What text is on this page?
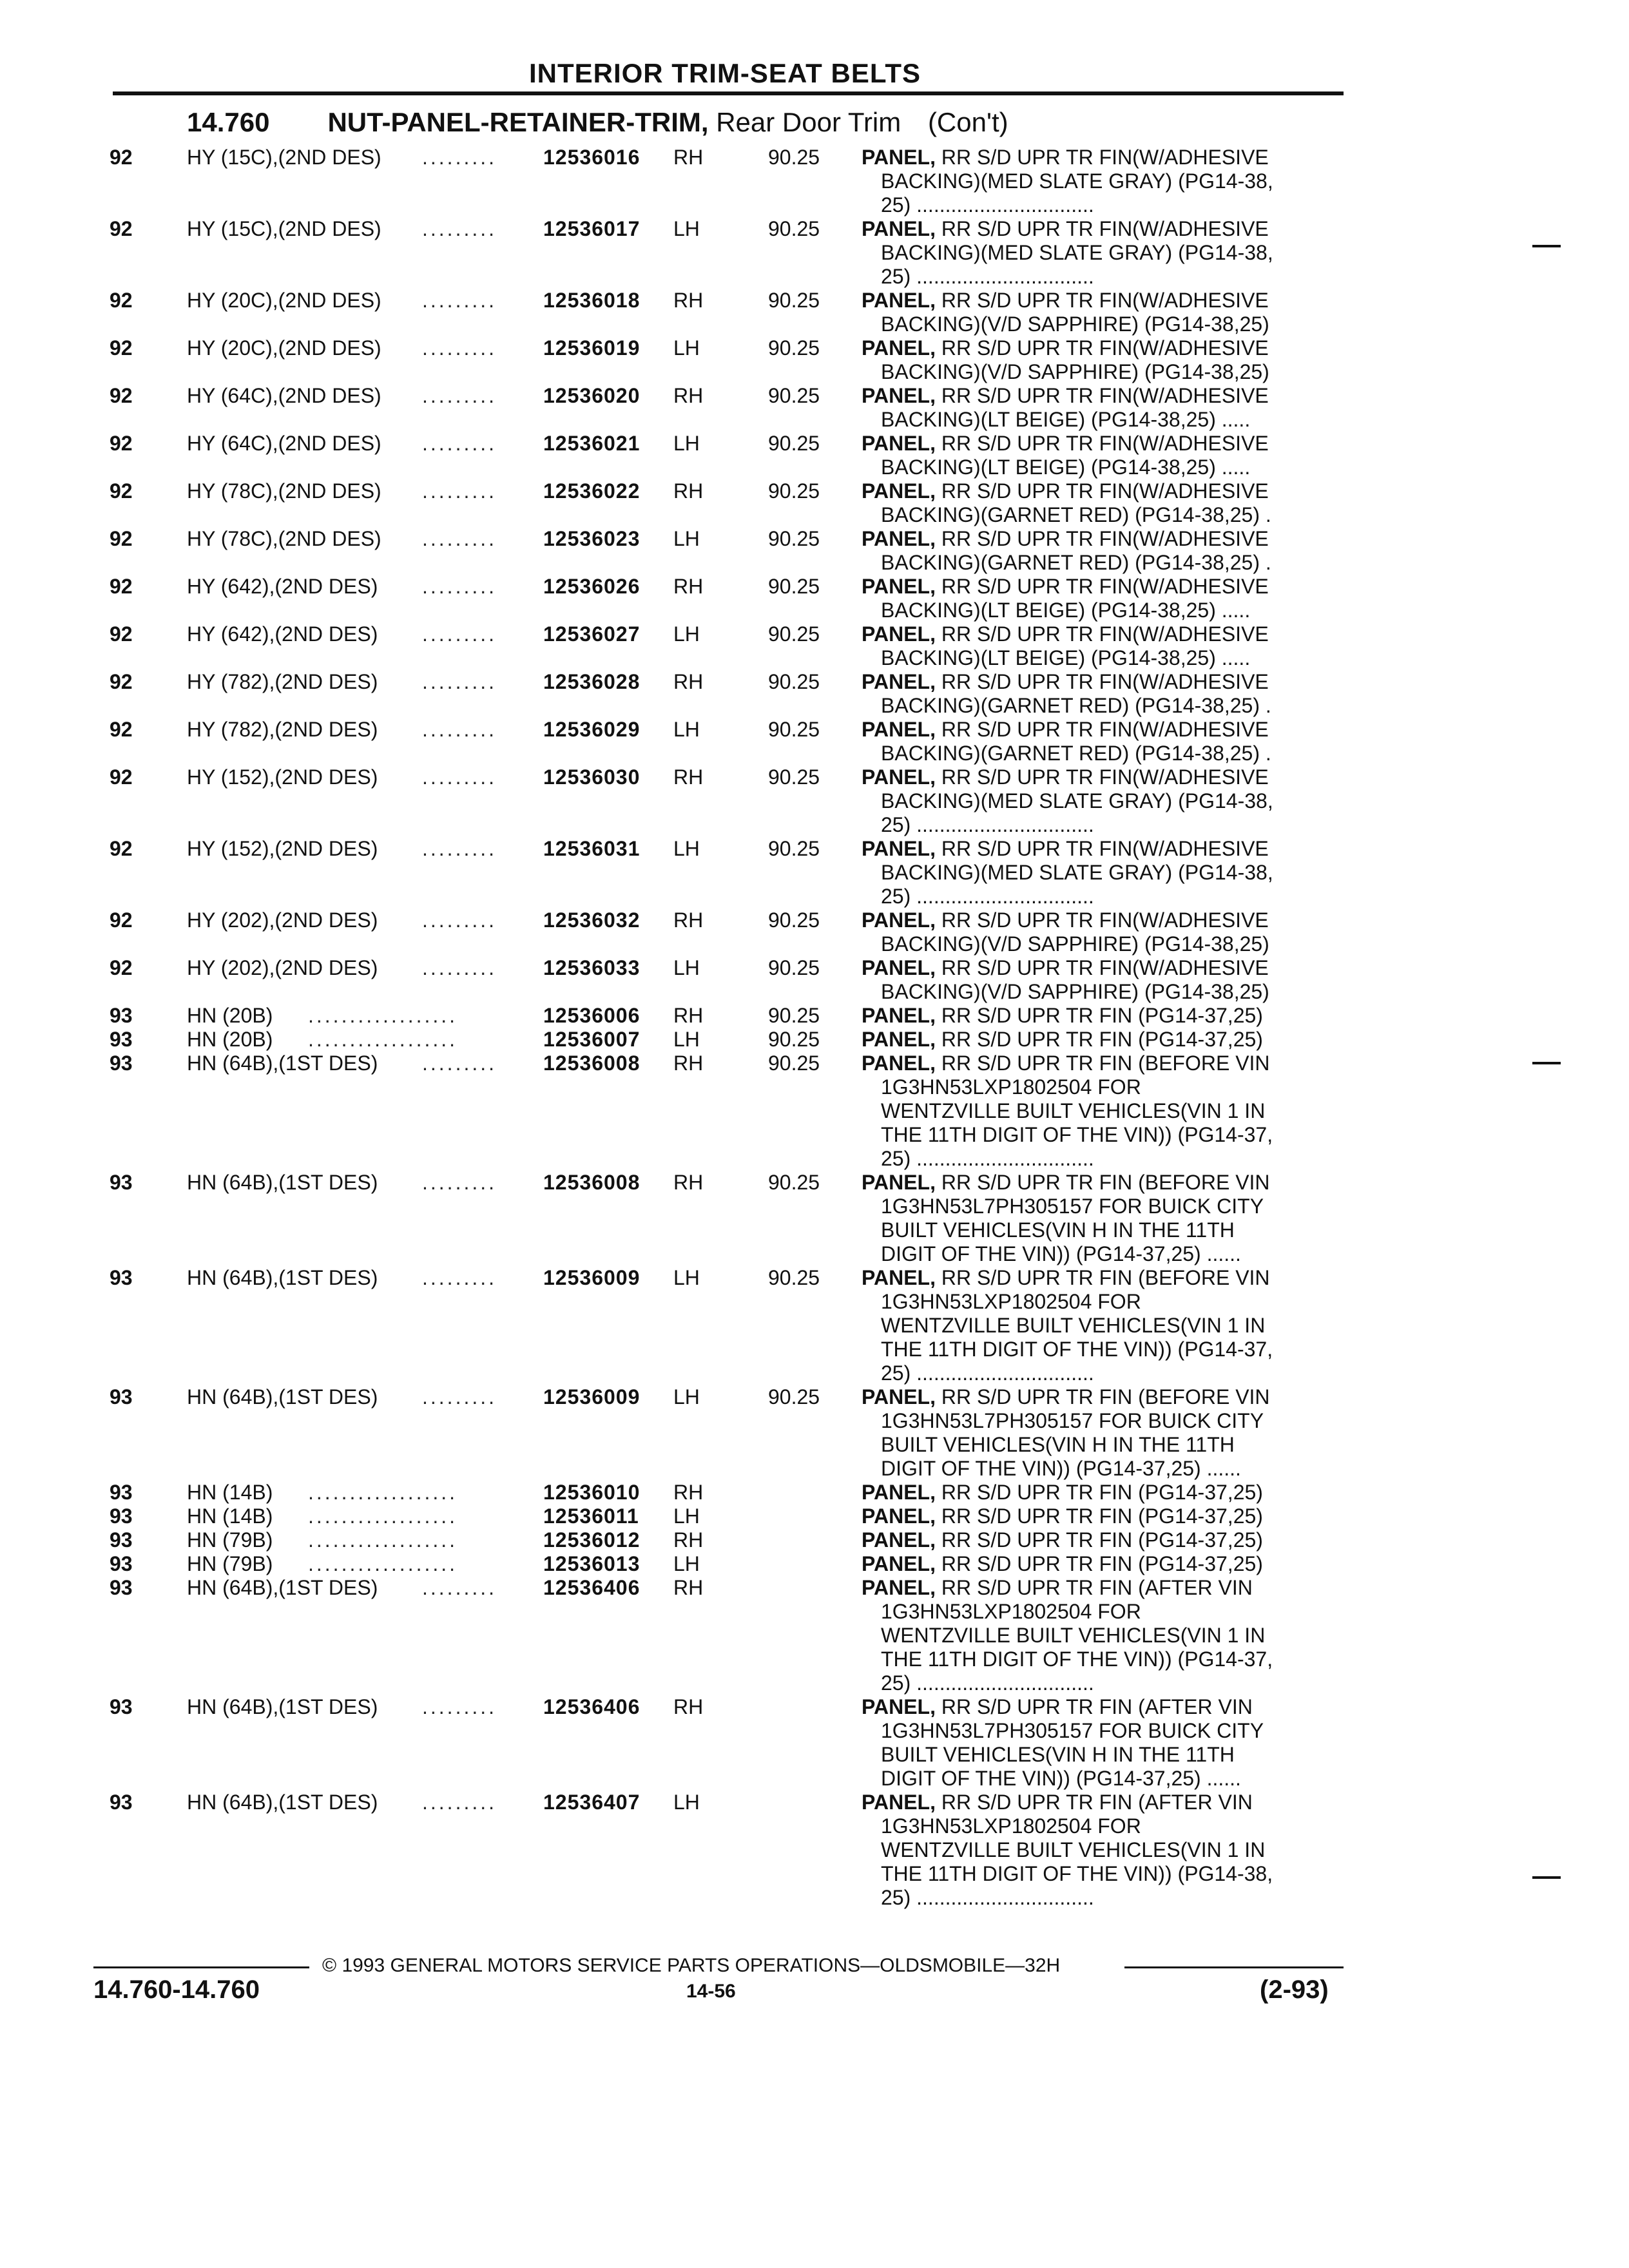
INTERIOR TRIM-SEAT BELTS
14.760 NUT-PANEL-RETAINER-TRIM, Rear Door Trim (Con't)
92	HY (15C),(2ND DES) ......... 12536016 RH	90.25 PANEL, RR S/D UPR TR FIN(W/ADHESIVE
BACKING)(MED SLATE GRAY) (PG14-38,
25) ...............................
92	HY (15C),(2ND DES) ......... 12536017 LH	90.25 PANEL, RR S/D UPR TR FIN(W/ADHESIVE
BACKING)(MED SLATE GRAY) (PG14-38,
25) ...............................
92	HY (20C),(2ND DES) ......... 12536018 RH	90.25 PANEL, RR S/D UPR TR FIN(W/ADHESIVE
BACKING)(V/D SAPPHIRE) (PG14-38,25)
92	HY (20C),(2ND DES) ......... 12536019 LH	90.25 PANEL, RR S/D UPR TR FIN(W/ADHESIVE
BACKING)(V/D SAPPHIRE) (PG14-38,25)
92	HY (64C),(2ND DES) ......... 12536020 RH	90.25 PANEL, RR S/D UPR TR FIN(W/ADHESIVE
BACKING)(LT BEIGE) (PG14-38,25) .....
92	HY (64C),(2ND DES) ......... 12536021 LH	90.25 PANEL, RR S/D UPR TR FIN(W/ADHESIVE
BACKING)(LT BEIGE) (PG14-38,25) .....
92	HY (78C),(2ND DES) ......... 12536022 RH	90.25 PANEL, RR S/D UPR TR FIN(W/ADHESIVE
BACKING)(GARNET RED) (PG14-38,25) .
92	HY (78C),(2ND DES) ......... 12536023 LH	90.25 PANEL, RR S/D UPR TR FIN(W/ADHESIVE
BACKING)(GARNET RED) (PG14-38,25) .
92	HY (642),(2ND DES) ......... 12536026 RH	90.25 PANEL, RR S/D UPR TR FIN(W/ADHESIVE
BACKING)(LT BEIGE) (PG14-38,25) .....
92	HY (642),(2ND DES) ......... 12536027 LH	90.25 PANEL, RR S/D UPR TR FIN(W/ADHESIVE
BACKING)(LT BEIGE) (PG14-38,25) .....
92	HY (782),(2ND DES) ......... 12536028 RH	90.25 PANEL, RR S/D UPR TR FIN(W/ADHESIVE
BACKING)(GARNET RED) (PG14-38,25) .
92	HY (782),(2ND DES) ......... 12536029 LH	90.25 PANEL, RR S/D UPR TR FIN(W/ADHESIVE
BACKING)(GARNET RED) (PG14-38,25) .
92	HY (152),(2ND DES) ......... 12536030 RH	90.25 PANEL, RR S/D UPR TR FIN(W/ADHESIVE
BACKING)(MED SLATE GRAY) (PG14-38,
25) ...............................
92	HY (152),(2ND DES) ......... 12536031 LH	90.25 PANEL, RR S/D UPR TR FIN(W/ADHESIVE
BACKING)(MED SLATE GRAY) (PG14-38,
25) ...............................
92	HY (202),(2ND DES) ......... 12536032 RH	90.25 PANEL, RR S/D UPR TR FIN(W/ADHESIVE
BACKING)(V/D SAPPHIRE) (PG14-38,25)
92	HY (202),(2ND DES) ......... 12536033 LH	90.25 PANEL, RR S/D UPR TR FIN(W/ADHESIVE
BACKING)(V/D SAPPHIRE) (PG14-38,25)
93	HN (20B) ..................	12536006 RH	90.25 PANEL, RR S/D UPR TR FIN (PG14-37,25)
93	HN (20B) ..................	12536007 LH	90.25 PANEL, RR S/D UPR TR FIN (PG14-37,25)
93	HN (64B),(1ST DES) ......... 12536008 RH	90.25 PANEL, RR S/D UPR TR FIN (BEFORE VIN
1G3HN53LXP1802504 FOR
WENTZVILLE BUILT VEHICLES(VIN 1 IN
THE 11TH DIGIT OF THE VIN)) (PG14-37,
25) ...............................
93	HN (64B),(1ST DES) ......... 12536008 RH	90.25 PANEL, RR S/D UPR TR FIN (BEFORE VIN
1G3HN53L7PH305157 FOR BUICK CITY
BUILT VEHICLES(VIN H IN THE 11TH
DIGIT OF THE VIN)) (PG14-37,25) ......
93	HN (64B),(1ST DES) ......... 12536009 LH	90.25 PANEL, RR S/D UPR TR FIN (BEFORE VIN
1G3HN53LXP1802504 FOR
WENTZVILLE BUILT VEHICLES(VIN 1 IN
THE 11TH DIGIT OF THE VIN)) (PG14-37,
25) ...............................
93	HN (64B),(1ST DES) ......... 12536009 LH	90.25 PANEL, RR S/D UPR TR FIN (BEFORE VIN
1G3HN53L7PH305157 FOR BUICK CITY
BUILT VEHICLES(VIN H IN THE 11TH
DIGIT OF THE VIN)) (PG14-37,25) ......
93	HN (14B) ..................	12536010 RH	PANEL, RR S/D UPR TR FIN (PG14-37,25)
93	HN (14B) ..................	12536011 LH	PANEL, RR S/D UPR TR FIN (PG14-37,25)
93	HN (79B) ..................	12536012 RH	PANEL, RR S/D UPR TR FIN (PG14-37,25)
93	HN (79B) ..................	12536013 LH	PANEL, RR S/D UPR TR FIN (PG14-37,25)
93	HN (64B),(1ST DES) ......... 12536406 RH	PANEL, RR S/D UPR TR FIN (AFTER VIN
1G3HN53LXP1802504 FOR
WENTZVILLE BUILT VEHICLES(VIN 1 IN
THE 11TH DIGIT OF THE VIN)) (PG14-37,
25) ...............................
93	HN (64B),(1ST DES) ......... 12536406 RH	PANEL, RR S/D UPR TR FIN (AFTER VIN
1G3HN53L7PH305157 FOR BUICK CITY
BUILT VEHICLES(VIN H IN THE 11TH
DIGIT OF THE VIN)) (PG14-37,25) ......
93	HN (64B),(1ST DES) ......... 12536407 LH	PANEL, RR S/D UPR TR FIN (AFTER VIN
1G3HN53LXP1802504 FOR
WENTZVILLE BUILT VEHICLES(VIN 1 IN
THE 11TH DIGIT OF THE VIN)) (PG14-38,
25) ...............................
© 1993 GENERAL MOTORS SERVICE PARTS OPERATIONS—OLDSMOBILE—32H
14.760-14.760	14-56	(2-93)
